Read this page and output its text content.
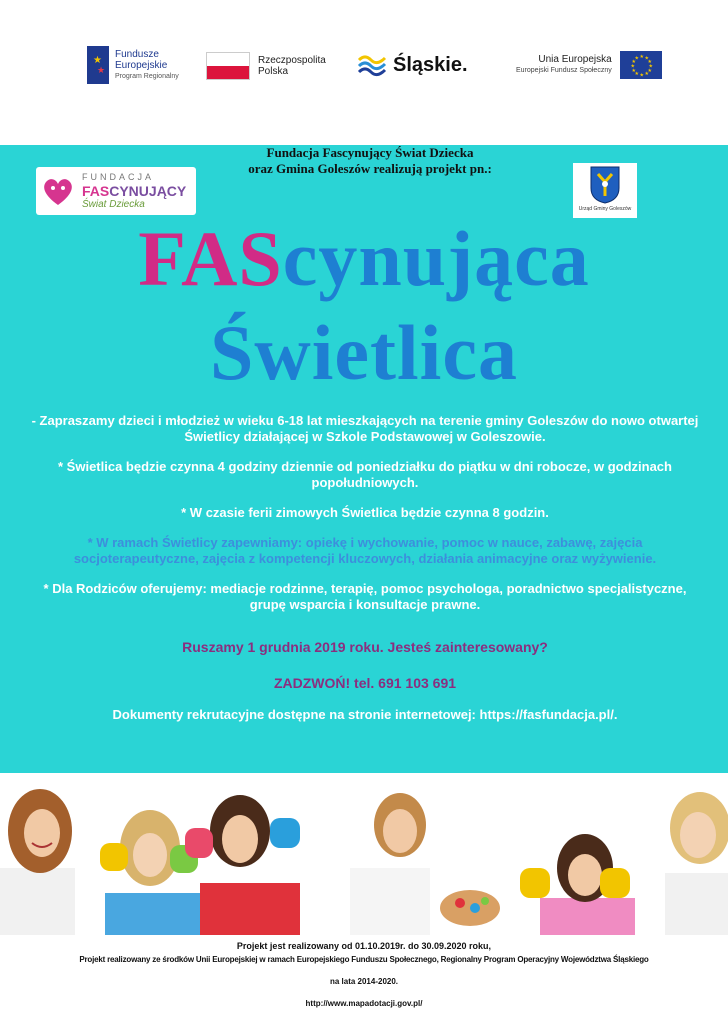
★
★
Fundusze
Europejskie
Program Regionalny
Rzeczpospolita
Polska	Śląskie.	Unia Europejska
Europejski Fundusz Społeczny
★ ★
★
★
★
★
★
★
★
★
★
★
Fundacja Fascynujący Świat Dziecka
oraz Gmina Goleszów realizują projekt pn.:
FUNDACJA
FASCYNUJĄCY
Świat Dziecka	Urząd Gminy Goleszów
FAScynująca
Świetlica
- Zapraszamy dzieci i młodzież w wieku 6-18 lat mieszkających na terenie gminy Goleszów do nowo otwartej Świetlicy działającej w Szkole Podstawowej w Goleszowie.
* Świetlica będzie czynna 4 godziny dziennie od poniedziałku do piątku w dni robocze, w godzinach popołudniowych.
* W czasie ferii zimowych Świetlica będzie czynna 8 godzin.
* W ramach Świetlicy zapewniamy: opiekę i wychowanie, pomoc w nauce, zabawę, zajęcia socjoterapeutyczne, zajęcia z kompetencji kluczowych, działania animacyjne oraz wyżywienie.
* Dla Rodziców oferujemy: mediacje rodzinne, terapię, pomoc psychologa, poradnictwo specjalistyczne, grupę wsparcia i konsultacje prawne.
Ruszamy 1 grudnia 2019 roku. Jesteś zainteresowany?
ZADZWOŃ! tel. 691 103 691
Dokumenty rekrutacyjne dostępne na stronie internetowej: https://fasfundacja.pl/.
Projekt jest realizowany od 01.10.2019r. do 30.09.2020 roku,
Projekt realizowany ze środków Unii Europejskiej w ramach Europejskiego Funduszu Społecznego, Regionalny Program Operacyjny Województwa Śląskiego
na lata 2014-2020.
http://www.mapadotacji.gov.pl/
